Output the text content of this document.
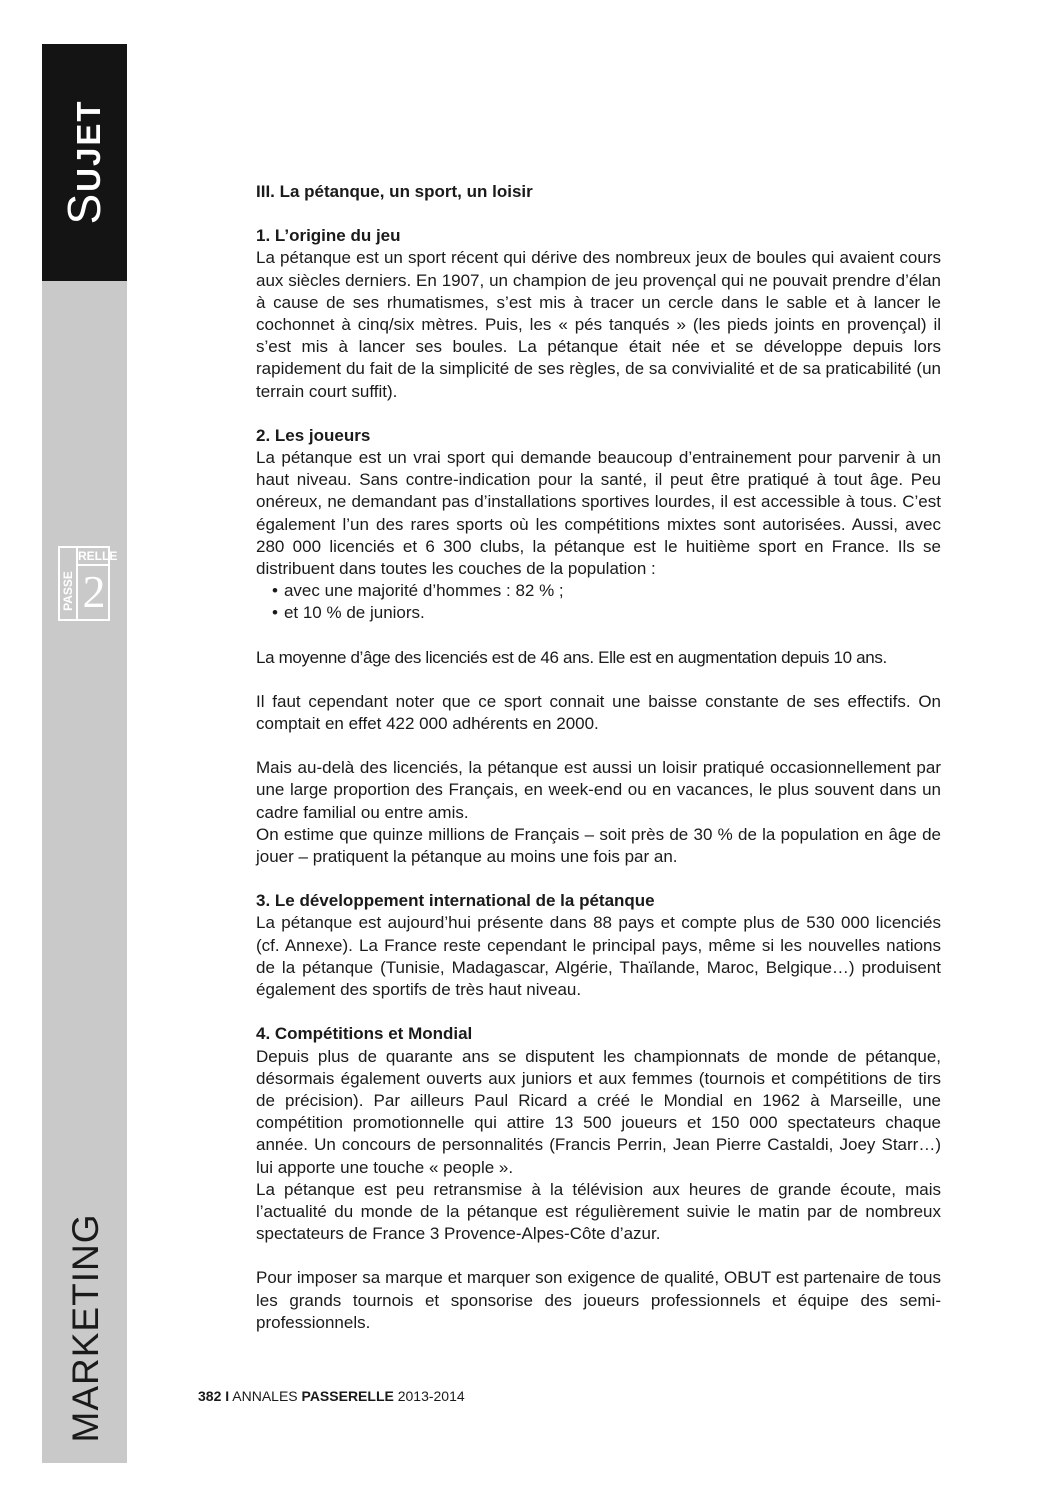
SUJET
RELLE
PASSE 2
MARKETING
III. La pétanque, un sport, un loisir
1. L’origine du jeu

La pétanque est un sport récent qui dérive des nombreux jeux de boules qui avaient cours aux siècles derniers. En 1907, un champion de jeu provençal qui ne pouvait prendre d’élan à cause de ses rhumatismes, s’est mis à tracer un cercle dans le sable et à lancer le cochonnet à cinq/six mètres. Puis, les « pés tanqués » (les pieds joints en provençal) il s’est mis à lancer ses boules. La pétanque était née et se développe depuis lors rapidement du fait de la simplicité de ses règles, de sa convivialité et de sa praticabilité (un terrain court suffit).

2. Les joueurs

La pétanque est un vrai sport qui demande beaucoup d’entrainement pour parvenir à un haut niveau. Sans contre-indication pour la santé, il peut être pratiqué à tout âge. Peu onéreux, ne demandant pas d’installations sportives lourdes, il est accessible à tous. C’est également l’un des rares sports où les compétitions mixtes sont autorisées. Aussi, avec 280 000 licenciés et 6 300 clubs, la pétanque est le huitième sport en France. Ils se distribuent dans toutes les couches de la population :

• avec une majorité d’hommes : 82 % ;
• et 10 % de juniors.

La moyenne d’âge des licenciés est de 46 ans. Elle est en augmentation depuis 10 ans.

Il faut cependant noter que ce sport connait une baisse constante de ses effectifs. On comptait en effet 422 000 adhérents en 2000.

Mais au-delà des licenciés, la pétanque est aussi un loisir pratiqué occasionnellement par une large proportion des Français, en week-end ou en vacances, le plus souvent dans un cadre familial ou entre amis.

On estime que quinze millions de Français – soit près de 30 % de la population en âge de jouer – pratiquent la pétanque au moins une fois par an.

3. Le développement international de la pétanque

La pétanque est aujourd’hui présente dans 88 pays et compte plus de 530 000 licenciés (cf. Annexe). La France reste cependant le principal pays, même si les nouvelles nations de la pétanque (Tunisie, Madagascar, Algérie, Thaïlande, Maroc, Belgique…) produisent également des sportifs de très haut niveau.

4. Compétitions et Mondial

Depuis plus de quarante ans se disputent les championnats de monde de pétanque, désormais également ouverts aux juniors et aux femmes (tournois et compétitions de tirs de précision). Par ailleurs Paul Ricard a créé le Mondial en 1962 à Marseille, une compétition promotionnelle qui attire 13 500 joueurs et 150 000 spectateurs chaque année. Un concours de personnalités (Francis Perrin, Jean Pierre Castaldi, Joey Starr…) lui apporte une touche « people ».

La pétanque est peu retransmise à la télévision aux heures de grande écoute, mais l’actualité du monde de la pétanque est régulièrement suivie le matin par de nombreux spectateurs de France 3 Provence-Alpes-Côte d’azur.

Pour imposer sa marque et marquer son exigence de qualité, OBUT est partenaire de tous les grands tournois et sponsorise des joueurs professionnels et équipe des semi-professionnels.

382 I ANNALES PASSERELLE 2013-2014
